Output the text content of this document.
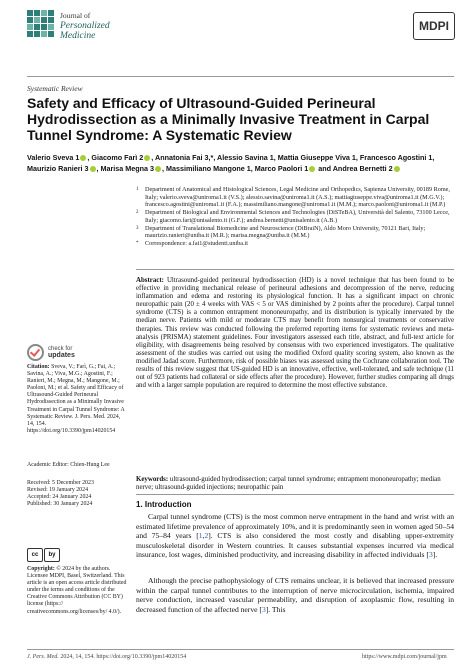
Journal of
Personalized
Medicine
MDPI
Systematic Review
Safety and Efficacy of Ultrasound-Guided Perineural Hydrodissection as a Minimally Invasive Treatment in Carpal Tunnel Syndrome: A Systematic Review
Valerio Sveva 1 , Giacomo Farì 2 , Annatonia Fai 3,*, Alessio Savina 1, Mattia Giuseppe Viva 1, Francesco Agostini 1,
Maurizio Ranieri 3 , Marisa Megna 3 , Massimiliano Mangone 1, Marco Paolori 1 and Andrea Bernetti 2
1	Department of Anatomical and Histological Sciences, Legal Medicine and Orthopedics, Sapienza University, 00189 Rome, Italy; valerio.sveva@uniroma1.it (V.S.); alessio.savina@uniroma1.it (A.S.); mattiagiuseppe.viva@uniroma1.it (M.G.V.); francesco.agostini@uniroma1.it (F.A.); massimiliano.mangone@uniroma1.it (M.M.); marco.paoloni@uniroma1.it (M.P.)
2	Department of Biological and Environmental Sciences and Technologies (DiSTeBA), Università del Salento, 73100 Lecce, Italy; giacomo.fari@unisalento.it (G.F.); andrea.bernetti@unisalento.it (A.B.)
3	Department of Translational Biomedicine and Neuroscience (DiBraiN), Aldo Moro University, 70121 Bari, Italy; maurizio.ranieri@uniba.it (M.R.); marisa.megna@uniba.it (M.M.)
*	Correspondence: a.fai1@studenti.uniba.it

Abstract: Ultrasound-guided perineural hydrodissection (HD) is a novel technique that has been found to be effective in providing mechanical release of perineural adhesions and decompression of the nerve, reducing inflammation and edema and restoring its physiological function. It has a significant impact on chronic neuropathic pain (20 ± 4 weeks with VAS < 5 or VAS diminished by 2 points after the procedure). Carpal tunnel syndrome (CTS) is a common entrapment mononeuropathy, and its distribution is typically innervated by the median nerve. Patients with mild or moderate CTS may benefit from nonsurgical treatments or conservative therapies. This review was conducted following the preferred reporting items for systematic reviews and meta-analysis (PRISMA) statement guidelines. Four investigators assessed each title, abstract, and full-text article for eligibility, with disagreements being resolved by consensus with two experienced investigators. The qualitative assessment of the studies was carried out using the modified Oxford quality scoring system, also known as the modified Jadad score. Furthermore, risk of possible biases was assessed using the Cochrane collaboration tool. The results of this review suggest that US-guided HD is an innovative, effective, well-tolerated, and safe technique (11 out of 923 patients had collateral or side effects after the procedure). However, further studies comparing all drugs and with a larger sample population are required to determine the most effective substance.

Keywords: ultrasound-guided hydrodissection; carpal tunnel syndrome; entrapment mononeuropathy; median nerve; ultrasound-guided injections; neuropathic pain

check for
updates
Citation: Sveva, V.; Farì, G.; Fai, A.; Savina, A.; Viva, M.G.; Agostini, F.; Ranieri, M.; Megna, M.; Mangone, M.; Paoloni, M.; et al. Safety and Efficacy of Ultrasound-Guided Perineural Hydrodissection as a Minimally Invasive Treatment in Carpal Tunnel Syndrome: A Systematic Review. J. Pers. Med. 2024, 14, 154. https://doi.org/10.3390/jpm14020154
Academic Editor: Chien-Hung Lee
Received: 5 December 2023
Revised: 19 January 2024
Accepted: 24 January 2024
Published: 30 January 2024
cc	by
Copyright: © 2024 by the authors. Licensee MDPI, Basel, Switzerland. This article is an open access article distributed under the terms and conditions of the Creative Commons Attribution (CC BY) license (https:// creativecommons.org/licenses/by/ 4.0/).
1. Introduction

Carpal tunnel syndrome (CTS) is the most common nerve entrapment in the hand and wrist with an estimated lifetime prevalence of approximately 10%, and it is predominantly seen in women aged 50–54 and 75–84 years [1,2]. CTS is also considered the most costly and disabling upper-extremity musculoskeletal disorder in Western countries. It causes substantial expenses incurred via medical insurance, lost wages, diminished productivity, and increasing disability in affected individuals [3].

Although the precise pathophysiology of CTS remains unclear, it is believed that increased pressure within the carpal tunnel contributes to the interruption of nerve microcirculation, ischemia, impaired nerve conduction, increased vascular permeability, and disruption of axoplasmic flow, resulting in decreased function of the affected nerve [3]. This

J. Pers. Med. 2024, 14, 154. https://doi.org/10.3390/jpm14020154	https://www.mdpi.com/journal/jpm
